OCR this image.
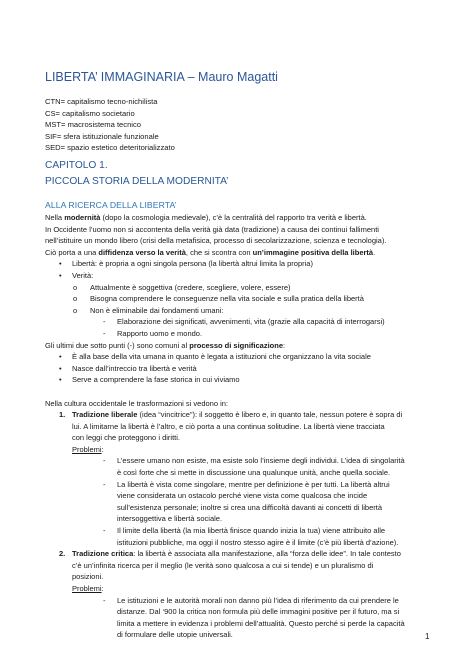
LIBERTA’ IMMAGINARIA – Mauro Magatti
CTN= capitalismo tecno-nichilista
CS= capitalismo societario
MST= macrosistema tecnico
SIF= sfera istituzionale funzionale
SED= spazio estetico deteritorializzato
CAPITOLO 1.
PICCOLA STORIA DELLA MODERNITA’
ALLA RICERCA DELLA LIBERTA’
Nella modernità (dopo la cosmologia medievale), c’è la centralità del rapporto tra verità e libertà.
In Occidente l’uomo non si accontenta della verità già data (tradizione) a causa dei continui fallimenti
nell’istituire un mondo libero (crisi della metafisica, processo di secolarizzazione, scienza e tecnologia).
Ciò porta a una diffidenza verso la verità, che si scontra con un’immagine positiva della libertà.
• Libertà: è propria a ogni singola persona (la libertà altrui limita la propria)
• Verità:
o Attualmente è soggettiva (credere, scegliere, volere, essere)
o Bisogna comprendere le conseguenze nella vita sociale e sulla pratica della libertà
o Non è eliminabile dai fondamenti umani:
- Elaborazione dei significati, avvenimenti, vita (grazie alla capacità di interrogarsi)
- Rapporto uomo e mondo.
Gli ultimi due sotto punti (-) sono comuni al processo di significazione:
• È alla base della vita umana in quanto è legata a istituzioni che organizzano la vita sociale
• Nasce dall’intreccio tra libertà e verità
• Serve a comprendere la fase storica in cui viviamo
Nella cultura occidentale le trasformazioni si vedono in:
1. Tradizione liberale (idea “vincitrice”): il soggetto è libero e, in quanto tale, nessun potere è sopra di
lui. A limitarne la libertà è l’altro, e ciò porta a una continua solitudine. La libertà viene tracciata
con leggi che proteggono i diritti.
Problemi:
- L’essere umano non esiste, ma esiste solo l’insieme degli individui. L’idea di singolarità
è così forte che si mette in discussione una qualunque unità, anche quella sociale.
- La libertà è vista come singolare, mentre per definizione è per tutti. La libertà altrui
viene considerata un ostacolo perché viene vista come qualcosa che incide
sull’esistenza personale; inoltre si crea una difficoltà davanti ai concetti di libertà
intersoggettiva e libertà sociale.
- Il limite della libertà (la mia libertà finisce quando inizia la tua) viene attribuito alle
istituzioni pubbliche, ma oggi il nostro stesso agire è il limite (c’è più libertà d’azione).
2. Tradizione critica: la libertà è associata alla manifestazione, alla “forza delle idee”. In tale contesto
c’è un’infinita ricerca per il meglio (le verità sono qualcosa a cui si tende) e un pluralismo di
posizioni.
Problemi:
- Le istituzioni e le autorità morali non danno più l’idea di riferimento da cui prendere le
distanze. Dal ‘900 la critica non formula più delle immagini positive per il futuro, ma si
limita a mettere in evidenza i problemi dell’attualità. Questo perché si perde la capacità
di formulare delle utopie universali.	1
